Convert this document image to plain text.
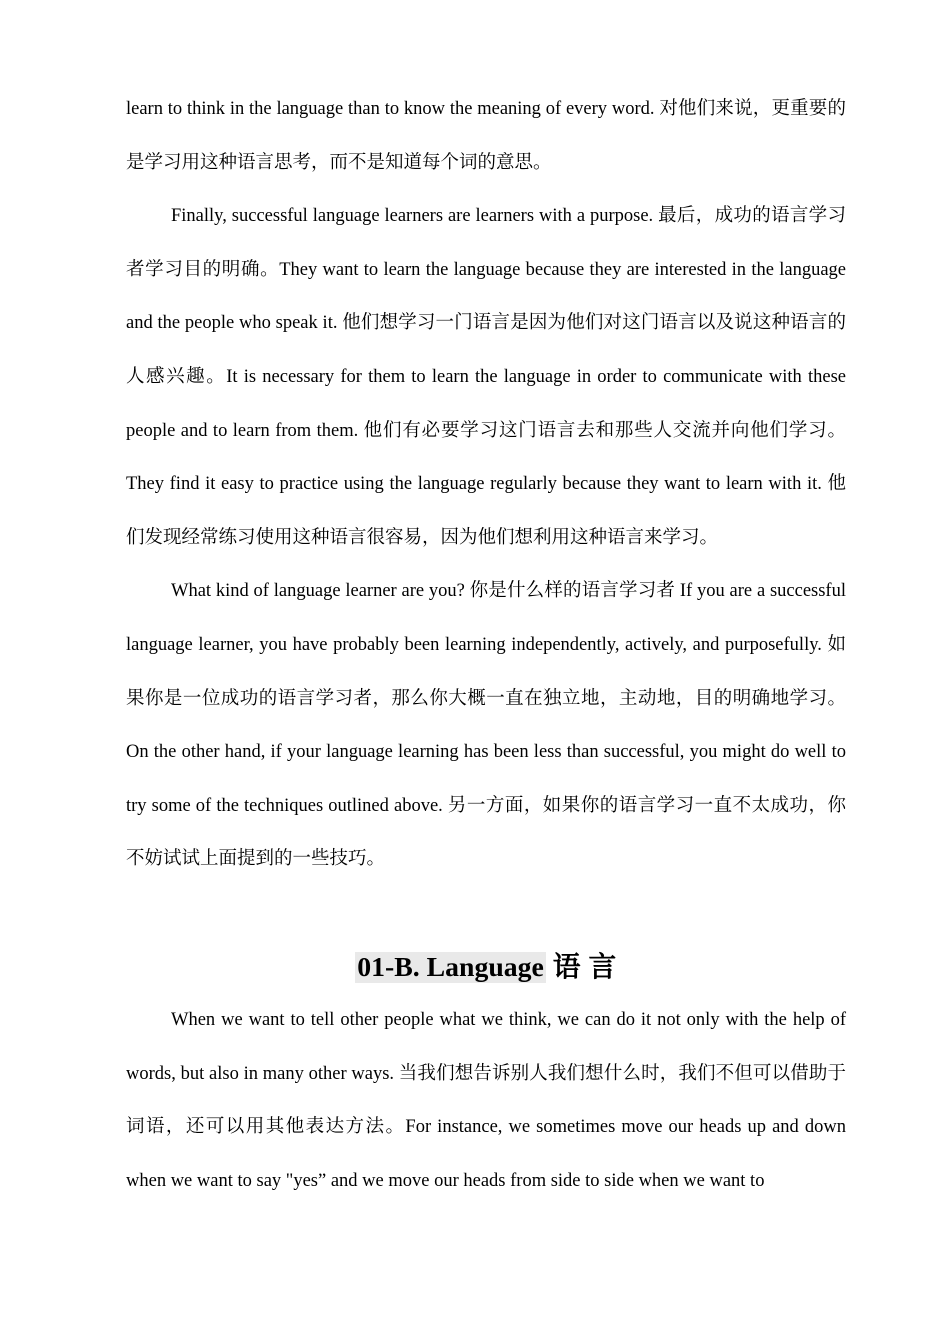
learn to think in the language than to know the meaning of every word. 对他们来说，更重要的是学习用这种语言思考，而不是知道每个词的意思。

Finally, successful language learners are learners with a purpose. 最后，成功的语言学习者学习目的明确。They want to learn the language because they are interested in the language and the people who speak it. 他们想学习一门语言是因为他们对这门语言以及说这种语言的人感兴趣。It is necessary for them to learn the language in order to communicate with these people and to learn from them. 他们有必要学习这门语言去和那些人交流并向他们学习。They find it easy to practice using the language regularly because they want to learn with it. 他们发现经常练习使用这种语言很容易，因为他们想利用这种语言来学习。

What kind of language learner are you? 你是什么样的语言学习者 If you are a successful language learner, you have probably been learning independently, actively, and purposefully. 如果你是一位成功的语言学习者，那么你大概一直在独立地，主动地，目的明确地学习。On the other hand, if your language learning has been less than successful, you might do well to try some of the techniques outlined above. 另一方面，如果你的语言学习一直不太成功，你不妨试试上面提到的一些技巧。

01-B. Language 语 言

When we want to tell other people what we think, we can do it not only with the help of words, but also in many other ways. 当我们想告诉别人我们想什么时，我们不但可以借助于词语，还可以用其他表达方法。For instance, we sometimes move our heads up and down when we want to say "yes” and we move our heads from side to side when we want to
